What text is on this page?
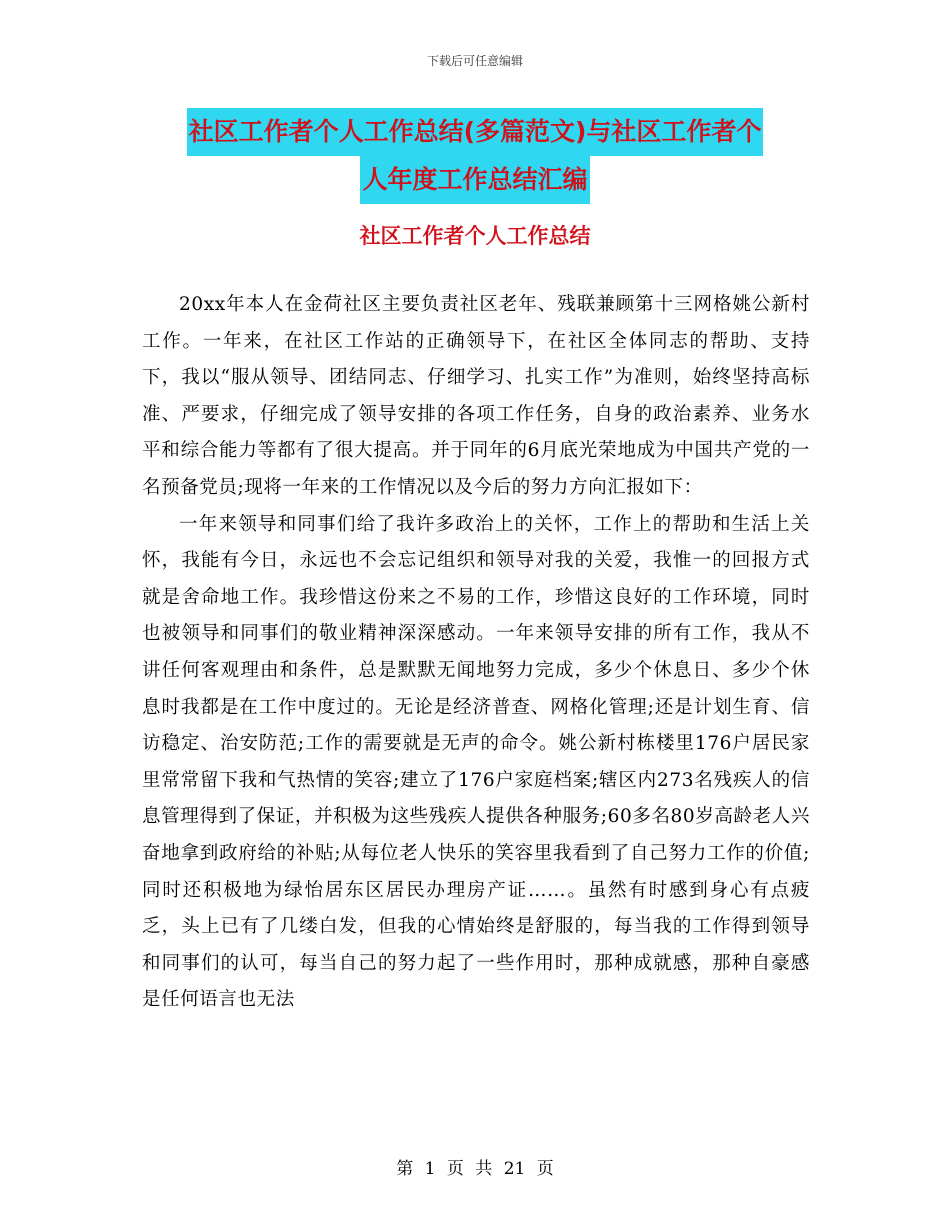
下载后可任意编辑
社区工作者个人工作总结(多篇范文)与社区工作者个
人年度工作总结汇编
社区工作者个人工作总结

20xx年本人在金荷社区主要负责社区老年、残联兼顾第十三网格姚公新村工作。一年来，在社区工作站的正确领导下，在社区全体同志的帮助、支持下，我以“服从领导、团结同志、仔细学习、扎实工作”为准则，始终坚持高标准、严要求，仔细完成了领导安排的各项工作任务，自身的政治素养、业务水平和综合能力等都有了很大提高。并于同年的6月底光荣地成为中国共产党的一名预备党员;现将一年来的工作情况以及今后的努力方向汇报如下：

一年来领导和同事们给了我许多政治上的关怀，工作上的帮助和生活上关怀，我能有今日，永远也不会忘记组织和领导对我的关爱，我惟一的回报方式就是舍命地工作。我珍惜这份来之不易的工作，珍惜这良好的工作环境，同时也被领导和同事们的敬业精神深深感动。一年来领导安排的所有工作，我从不讲任何客观理由和条件，总是默默无闻地努力完成，多少个休息日、多少个休息时我都是在工作中度过的。无论是经济普查、网格化管理;还是计划生育、信访稳定、治安防范;工作的需要就是无声的命令。姚公新村栋楼里176户居民家里常常留下我和气热情的笑容;建立了176户家庭档案;辖区内273名残疾人的信息管理得到了保证，并积极为这些残疾人提供各种服务;60多名80岁高龄老人兴奋地拿到政府给的补贴;从每位老人快乐的笑容里我看到了自己努力工作的价值;同时还积极地为绿怡居东区居民办理房产证……。虽然有时感到身心有点疲乏，头上已有了几缕白发，但我的心情始终是舒服的，每当我的工作得到领导和同事们的认可，每当自己的努力起了一些作用时，那种成就感，那种自豪感是任何语言也无法

第 1 页 共 21 页
